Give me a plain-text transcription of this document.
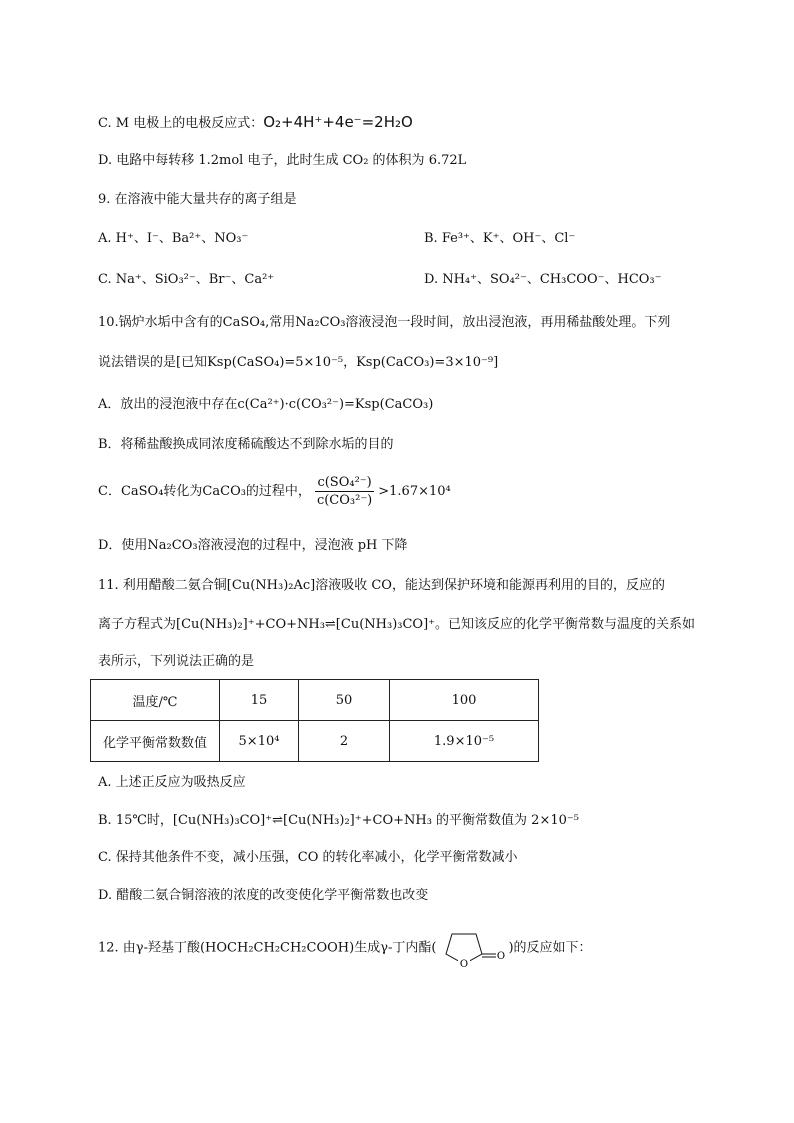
C. M 电极上的电极反应式：O₂+4H⁺+4e⁻=2H₂O
D. 电路中每转移 1.2mol 电子，此时生成 CO₂ 的体积为 6.72L
9. 在溶液中能大量共存的离子组是
A. H⁺、I⁻、Ba²⁺、NO₃⁻	B. Fe³⁺、K⁺、OH⁻、Cl⁻
C. Na⁺、SiO₃²⁻、Br⁻、Ca²⁺	D. NH₄⁺、SO₄²⁻、CH₃COO⁻、HCO₃⁻
10.锅炉水垢中含有的CaSO₄,常用Na₂CO₃溶液浸泡一段时间，放出浸泡液，再用稀盐酸处理。下列
说法错误的是[已知Ksp(CaSO₄)=5×10⁻⁵，Ksp(CaCO₃)=3×10⁻⁹]
A．放出的浸泡液中存在c(Ca²⁺)·c(CO₃²⁻)=Ksp(CaCO₃)
B．将稀盐酸换成同浓度稀硫酸达不到除水垢的目的
C．CaSO₄转化为CaCO₃的过程中， $\frac{\text{c(SO₄²⁻)}}{\text{c(CO₃²⁻)}} >1.67\times 10^4$
D．使用Na₂CO₃溶液浸泡的过程中，浸泡液 pH 下降
11. 利用醋酸二氨合铜[Cu(NH₃)₂Ac]溶液吸收 CO，能达到保护环境和能源再利用的目的，反应的
离子方程式为[Cu(NH₃)₂]⁺+CO+NH₃⇌[Cu(NH₃)₃CO]⁺。已知该反应的化学平衡常数与温度的关系如
表所示，下列说法正确的是
温度/℃	15	50	100
化学平衡常数数值	5×10⁴	2	1.9×10⁻⁵
A. 上述正反应为吸热反应
B. 15℃时，[Cu(NH₃)₃CO]⁺⇌[Cu(NH₃)₂]⁺+CO+NH₃ 的平衡常数值为 2×10⁻⁵
C. 保持其他条件不变，减小压强，CO 的转化率减小，化学平衡常数减小
D. 醋酸二氨合铜溶液的浓度的改变使化学平衡常数也改变
12. 由γ-羟基丁酸(HOCH₂CH₂CH₂COOH)生成γ-丁内酯(
O
O
)的反应如下：
